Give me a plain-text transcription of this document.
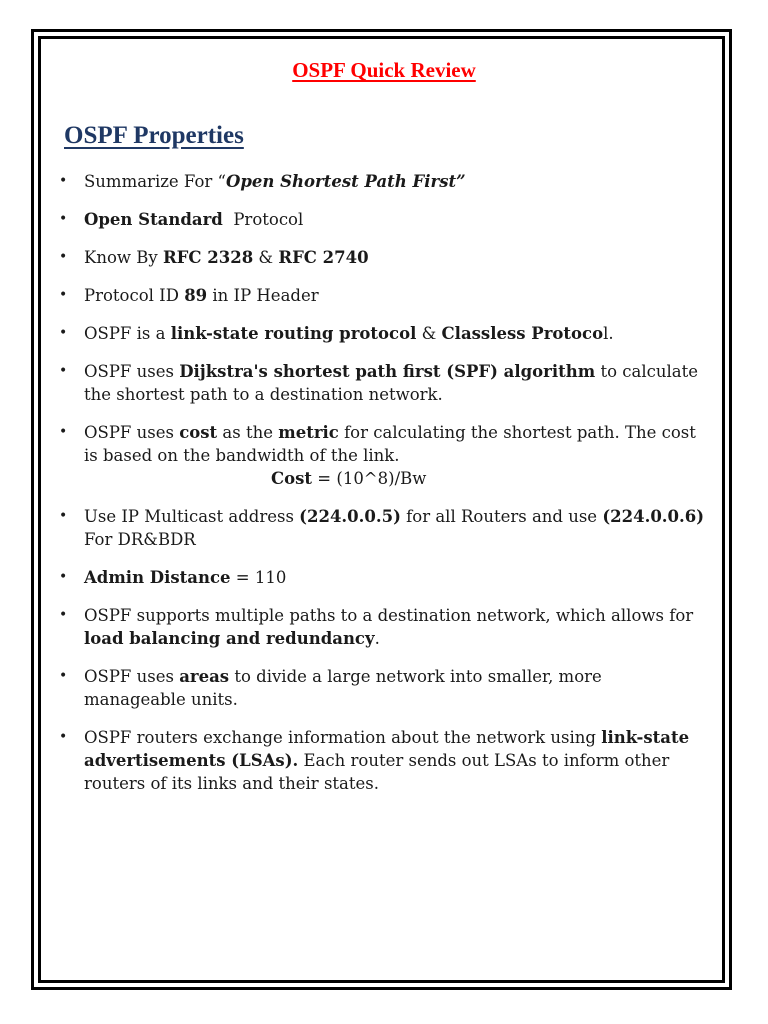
OSPF Quick Review
OSPF Properties
• Summarize For “Open Shortest Path First”
• Open Standard  Protocol
• Know By RFC 2328 & RFC 2740
• Protocol ID 89 in IP Header
• OSPF is a link-state routing protocol & Classless Protocol.
• OSPF uses Dijkstra's shortest path first (SPF) algorithm to calculate the shortest path to a destination network.
• OSPF uses cost as the metric for calculating the shortest path. The cost is based on the bandwidth of the link.
Cost = (10^8)/Bw
• Use IP Multicast address (224.0.0.5) for all Routers and use (224.0.0.6) For DR&BDR
• Admin Distance = 110
• OSPF supports multiple paths to a destination network, which allows for load balancing and redundancy.
• OSPF uses areas to divide a large network into smaller, more manageable units.
• OSPF routers exchange information about the network using link-state advertisements (LSAs). Each router sends out LSAs to inform other routers of its links and their states.
